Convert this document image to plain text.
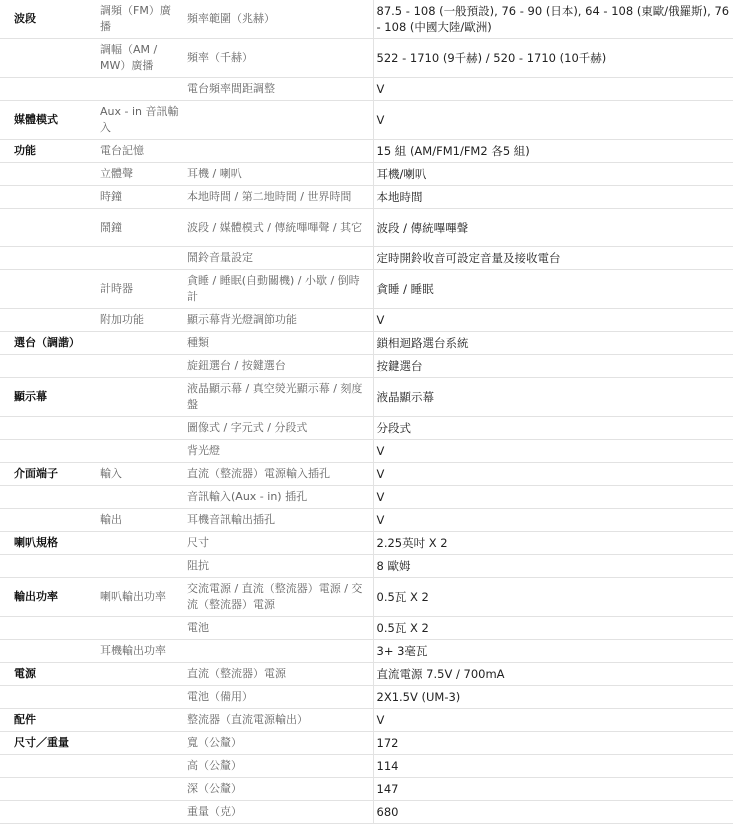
波段	調頻（FM）廣播	頻率範圍（兆赫）	87.5 - 108 (一般預設), 76 - 90 (日本), 64 - 108 (東歐/俄羅斯), 76 - 108 (中國大陸/歐洲)
	調幅（AM / MW）廣播	頻率（千赫）	522 - 1710 (9千赫) / 520 - 1710 (10千赫)
		電台頻率間距調整	V
媒體模式	Aux - in 音訊輸入		V
功能	電台記憶		15 組 (AM/FM1/FM2 各5 組)
	立體聲	耳機 / 喇叭	耳機/喇叭
	時鐘	本地時間 / 第二地時間 / 世界時間	本地時間
	鬧鐘	波段 / 媒體模式 / 傳統嗶嗶聲 / 其它	波段 / 傳統嗶嗶聲
		鬧鈴音量設定	定時開鈴收音可設定音量及接收電台
	計時器	貪睡 / 睡眠(自動關機) / 小歇 / 倒時計	貪睡 / 睡眠
	附加功能	顯示幕背光燈調節功能	V
選台（調諧）		種類	鎖相迴路選台系統
		旋鈕選台 / 按鍵選台	按鍵選台
顯示幕		液晶顯示幕 / 真空熒光顯示幕 / 刻度盤	液晶顯示幕
		圖像式 / 字元式 / 分段式	分段式
		背光燈	V
介面端子	輸入	直流（整流器）電源輸入插孔	V
		音訊輸入(Aux - in) 插孔	V
	輸出	耳機音訊輸出插孔	V
喇叭規格		尺寸	2.25英吋 X 2
		阻抗	8 歐姆
輸出功率	喇叭輸出功率	交流電源 / 直流（整流器）電源 / 交流（整流器）電源	0.5瓦 X 2
		電池	0.5瓦 X 2
	耳機輸出功率		3+ 3毫瓦
電源		直流（整流器）電源	直流電源 7.5V / 700mA
		電池（備用）	2X1.5V (UM-3)
配件		整流器（直流電源輸出）	V
尺寸／重量		寬（公釐）	172
		高（公釐）	114
		深（公釐）	147
		重量（克）	680
